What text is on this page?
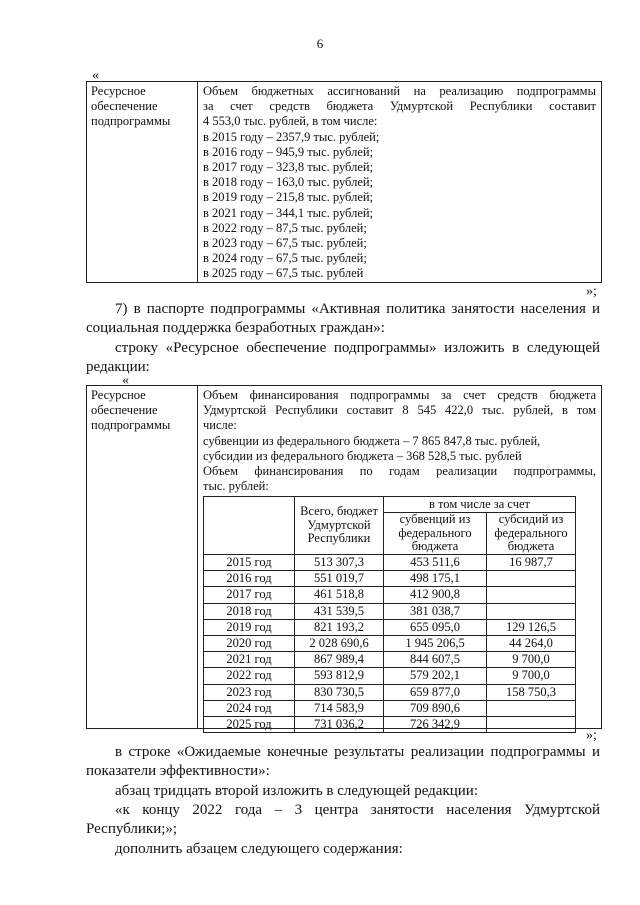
6
«
Ресурсное
обеспечение
подпрограммы
Объем бюджетных ассигнований на реализацию подпрограммы
за счет средств бюджета Удмуртской Республики составит
4 553,0 тыс. рублей, в том числе:
в 2015 году – 2357,9 тыс. рублей;
в 2016 году – 945,9 тыс. рублей;
в 2017 году – 323,8 тыс. рублей;
в 2018 году – 163,0 тыс. рублей;
в 2019 году – 215,8 тыс. рублей;
в 2021 году – 344,1 тыс. рублей;
в 2022 году – 87,5 тыс. рублей;
в 2023 году – 67,5 тыс. рублей;
в 2024 году – 67,5 тыс. рублей;
в 2025 году – 67,5 тыс. рублей
»;
7) в паспорте подпрограммы «Активная политика занятости населения и
социальная поддержка безработных граждан»:
строку «Ресурсное обеспечение подпрограммы» изложить в следующей
редакции:
«
Ресурсное
обеспечение
подпрограммы
Объем финансирования подпрограммы за счет средств бюджета
Удмуртской Республики составит 8 545 422,0 тыс. рублей, в том
числе:
субвенции из федерального бюджета – 7 865 847,8 тыс. рублей,
субсидии из федерального бюджета – 368 528,5 тыс. рублей
Объем финансирования по годам реализации подпрограммы,
тыс. рублей:
	Всего, бюджет Удмуртской Республики	в том числе за счет	
		субвенций из федерального бюджета	субсидий из федерального бюджета
2015 год	513 307,3	453 511,6	16 987,7
2016 год	551 019,7	498 175,1	
2017 год	461 518,8	412 900,8	
2018 год	431 539,5	381 038,7	
2019 год	821 193,2	655 095,0	129 126,5
2020 год	2 028 690,6	1 945 206,5	44 264,0
2021 год	867 989,4	844 607,5	9 700,0
2022 год	593 812,9	579 202,1	9 700,0
2023 год	830 730,5	659 877,0	158 750,3
2024 год	714 583,9	709 890,6	
2025 год	731 036,2	726 342,9	
»;
в строке «Ожидаемые конечные результаты реализации подпрограммы и
показатели эффективности»:
абзац тридцать второй изложить в следующей редакции:
«к концу 2022 года – 3 центра занятости населения Удмуртской
Республики;»;
дополнить абзацем следующего содержания:
